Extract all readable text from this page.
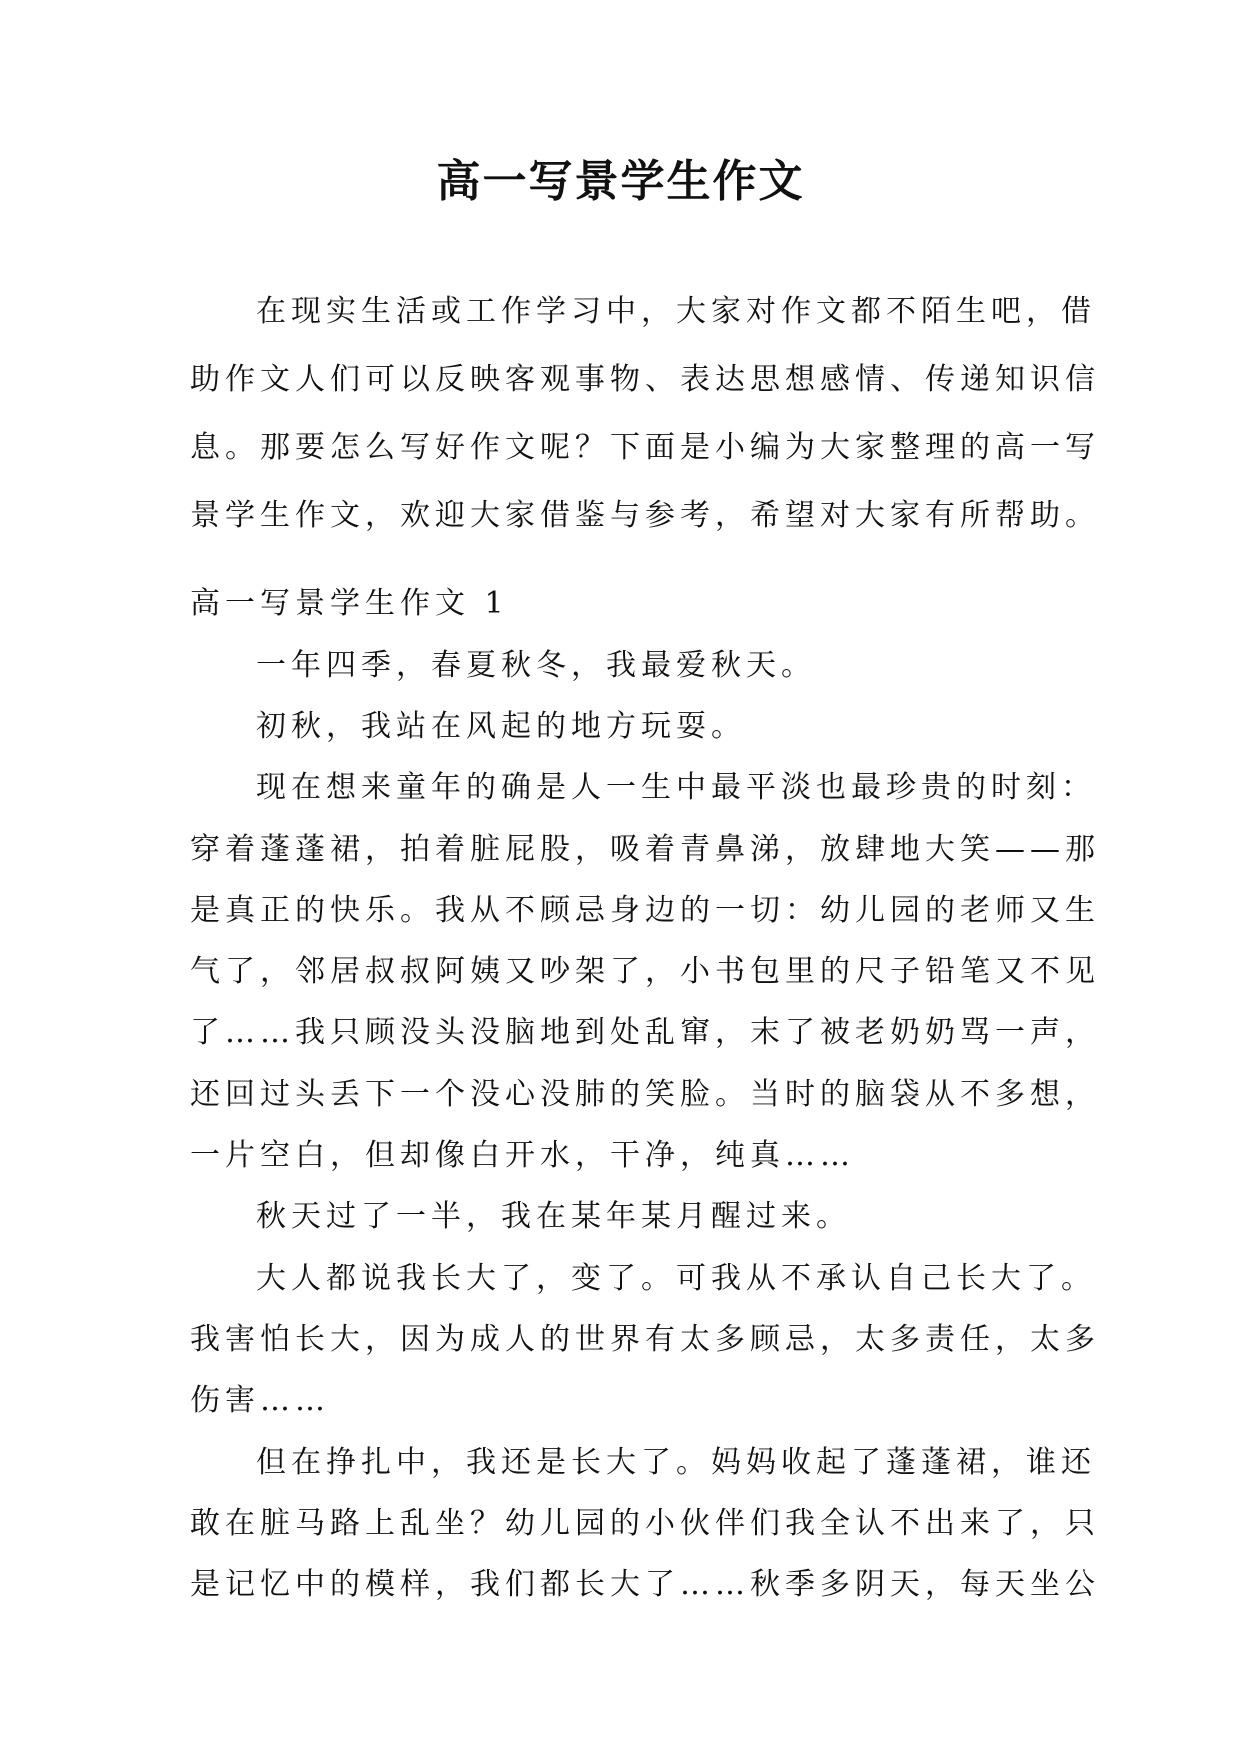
高一写景学生作文
在现实生活或工作学习中，大家对作文都不陌生吧，借
助作文人们可以反映客观事物、表达思想感情、传递知识信
息。那要怎么写好作文呢？下面是小编为大家整理的高一写
景学生作文，欢迎大家借鉴与参考，希望对大家有所帮助。
高一写景学生作文 1
一年四季，春夏秋冬，我最爱秋天。
初秋，我站在风起的地方玩耍。
现在想来童年的确是人一生中最平淡也最珍贵的时刻：
穿着蓬蓬裙，拍着脏屁股，吸着青鼻涕，放肆地大笑——那
是真正的快乐。我从不顾忌身边的一切：幼儿园的老师又生
气了，邻居叔叔阿姨又吵架了，小书包里的尺子铅笔又不见
了……我只顾没头没脑地到处乱窜，末了被老奶奶骂一声，
还回过头丢下一个没心没肺的笑脸。当时的脑袋从不多想，
一片空白，但却像白开水，干净，纯真……
秋天过了一半，我在某年某月醒过来。
大人都说我长大了，变了。可我从不承认自己长大了。
我害怕长大，因为成人的世界有太多顾忌，太多责任，太多
伤害……
但在挣扎中，我还是长大了。妈妈收起了蓬蓬裙，谁还
敢在脏马路上乱坐？幼儿园的小伙伴们我全认不出来了，只
是记忆中的模样，我们都长大了……秋季多阴天，每天坐公
